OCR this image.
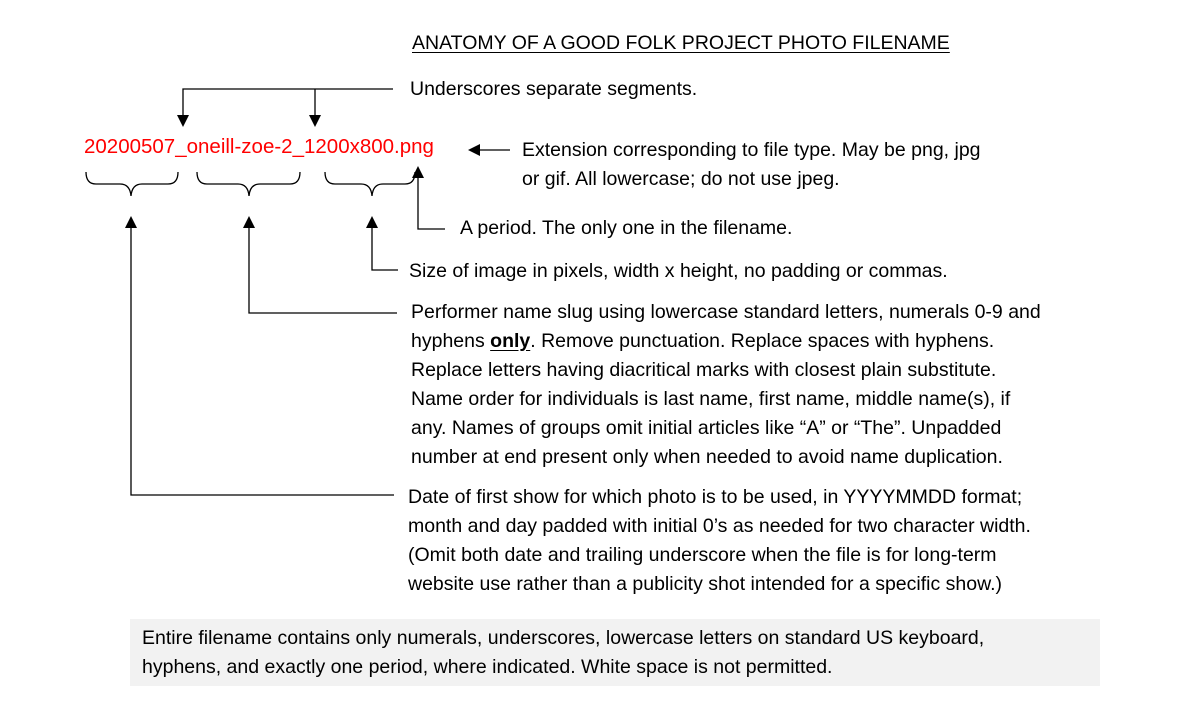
ANATOMY OF A GOOD FOLK PROJECT PHOTO FILENAME
20200507_oneill-zoe-2_1200x800.png
Underscores separate segments.
Extension corresponding to file type. May be png, jpg
or gif. All lowercase; do not use jpeg.
A period. The only one in the filename.
Size of image in pixels, width x height, no padding or commas.
Performer name slug using lowercase standard letters, numerals 0-9 and
hyphens only. Remove punctuation. Replace spaces with hyphens.
Replace letters having diacritical marks with closest plain substitute.
Name order for individuals is last name, first name, middle name(s), if
any. Names of groups omit initial articles like “A” or “The”. Unpadded
number at end present only when needed to avoid name duplication.
Date of first show for which photo is to be used, in YYYYMMDD format;
month and day padded with initial 0’s as needed for two character width.
(Omit both date and trailing underscore when the file is for long-term
website use rather than a publicity shot intended for a specific show.)
Entire filename contains only numerals, underscores, lowercase letters on standard US keyboard,
hyphens, and exactly one period, where indicated. White space is not permitted.
